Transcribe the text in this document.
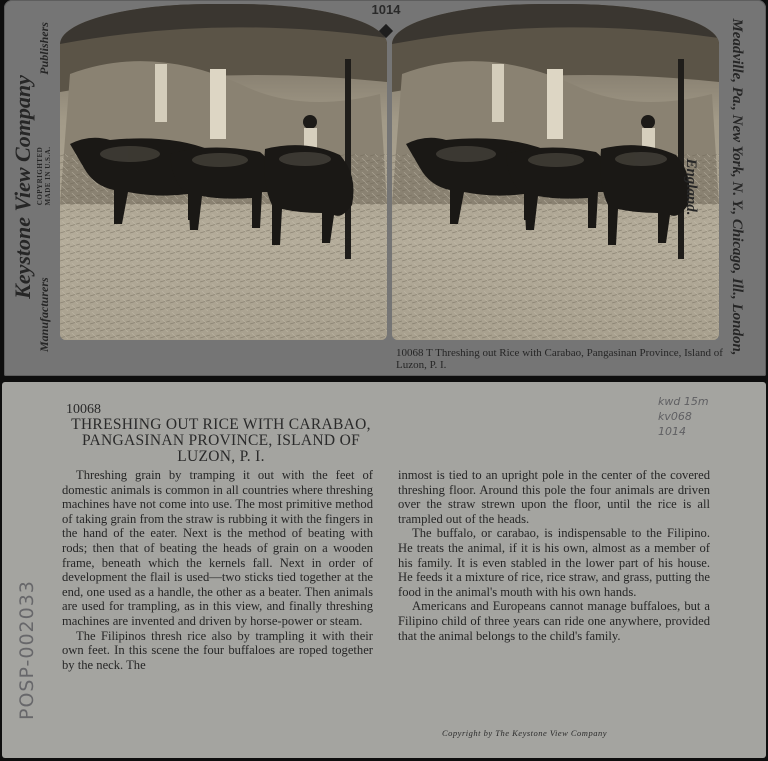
Keystone View Company
Manufacturers
COPYRIGHTED
MADE IN U.S.A.
Publishers
1014
Meadville, Pa., New York, N. Y., Chicago, Ill., London, England.
10068 T Threshing out Rice with Carabao, Pangasinan Province, Island of Luzon, P. I.
10068
THRESHING OUT RICE WITH CARABAO, PANGASINAN PROVINCE, ISLAND OF LUZON, P. I.

Threshing grain by tramping it out with the feet of domestic animals is common in all countries where threshing machines have not come into use. The most primitive method of taking grain from the straw is rubbing it with the fingers in the hand of the eater. Next is the method of beating with rods; then that of beating the heads of grain on a wooden frame, beneath which the kernels fall. Next in order of development the flail is used—two sticks tied together at the end, one used as a handle, the other as a beater. Then animals are used for trampling, as in this view, and finally threshing machines are invented and driven by horse-power or steam.

The Filipinos thresh rice also by trampling it with their own feet. In this scene the four buffaloes are roped together by the neck. The

inmost is tied to an upright pole in the center of the covered threshing floor. Around this pole the four animals are driven over the straw strewn upon the floor, until the rice is all trampled out of the heads.

The buffalo, or carabao, is indispensable to the Filipino. He treats the animal, if it is his own, almost as a member of his family. It is even stabled in the lower part of his house. He feeds it a mixture of rice, rice straw, and grass, putting the food in the animal's mouth with his own hands.

Americans and Europeans cannot manage buffaloes, but a Filipino child of three years can ride one anywhere, provided that the animal belongs to the child's family.

Copyright by The Keystone View Company
kwd 15m
kv068
1014
POSP-002033
